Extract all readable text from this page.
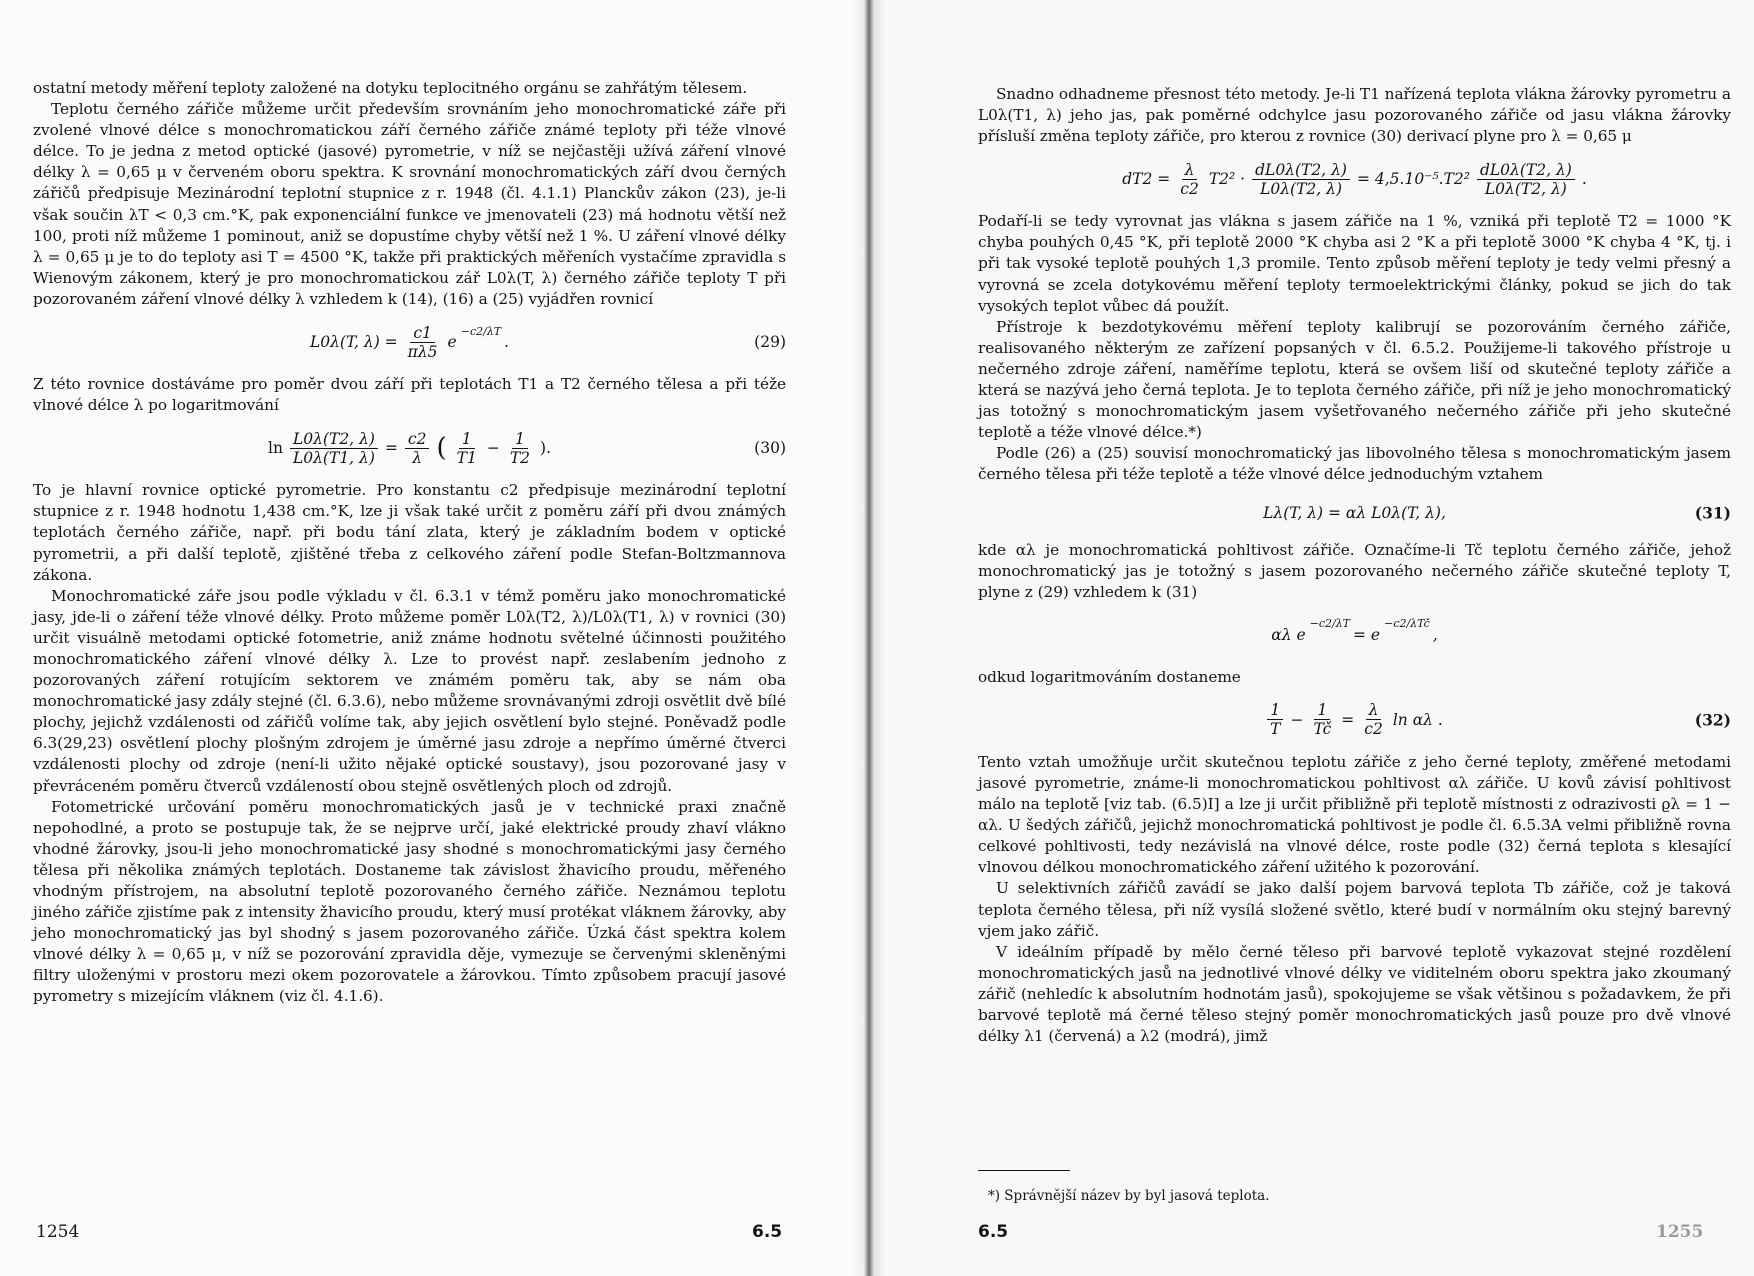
ostatní metody měření teploty založené na dotyku teplocitného orgánu se zahřátým tělesem.

Teplotu černého zářiče můžeme určit především srovnáním jeho monochromatické záře při zvolené vlnové délce s monochromatickou září černého zářiče známé teploty při téže vlnové délce. To je jedna z metod optické (jasové) pyrometrie, v níž se nejčastěji užívá záření vlnové délky λ = 0,65 μ v červeném oboru spektra. K srovnání monochromatických září dvou černých zářičů předpisuje Mezinárodní teplotní stupnice z r. 1948 (čl. 4.1.1) Planckův zákon (23), je-li však součin λT < 0,3 cm.°K, pak exponenciální funkce ve jmenovateli (23) má hodnotu větší než 100, proti níž můžeme 1 pominout, aniž se dopustíme chyby větší než 1 %. U záření vlnové délky λ = 0,65 μ je to do teploty asi T = 4500 °K, takže při praktických měřeních vystačíme zpravidla s Wienovým zákonem, který je pro monochromatickou zář L0λ(T, λ) černého zářiče teploty T při pozorovaném záření vlnové délky λ vzhledem k (14), (16) a (25) vyjádřen rovnicí

L0λ(T, $\lambda) = \frac{c1}{\pi\lambda 5}$ e
−c2/λT
.	(29)

Z této rovnice dostáváme pro poměr dvou září při teplotách T1 a T2 černého tělesa a při téže vlnové délce λ po logaritmování

$\ln \frac{L0\lambda(T2, \lambda)}{L0\lambda(T1, \lambda)} = \frac{c2}{\lambda}$ ( $\frac{1}{T1} - \frac{1}{T2}$ ).	(30)

To je hlavní rovnice optické pyrometrie. Pro konstantu c2 předpisuje mezinárodní teplotní stupnice z r. 1948 hodnotu 1,438 cm.°K, lze ji však také určit z poměru září při dvou známých teplotách černého zářiče, např. při bodu tání zlata, který je základním bodem v optické pyrometrii, a při další teplotě, zjištěné třeba z celkového záření podle Stefan-Boltzmannova zákona.

Monochromatické záře jsou podle výkladu v čl. 6.3.1 v témž poměru jako monochromatické jasy, jde-li o záření téže vlnové délky. Proto můžeme poměr L0λ(T2, λ)/L0λ(T1, λ) v rovnici (30) určit visuálně metodami optické fotometrie, aniž známe hodnotu světelné účinnosti použitého monochromatického záření vlnové délky λ. Lze to provést např. zeslabením jednoho z pozorovaných záření rotujícím sektorem ve známém poměru tak, aby se nám oba monochromatické jasy zdály stejné (čl. 6.3.6), nebo můžeme srovnávanými zdroji osvětlit dvě bílé plochy, jejichž vzdálenosti od zářičů volíme tak, aby jejich osvětlení bylo stejné. Poněvadž podle 6.3(29,23) osvětlení plochy plošným zdrojem je úměrné jasu zdroje a nepřímo úměrné čtverci vzdálenosti plochy od zdroje (není-li užito nějaké optické soustavy), jsou pozorované jasy v převráceném poměru čtverců vzdáleností obou stejně osvětlených ploch od zdrojů.

Fotometrické určování poměru monochromatických jasů je v technické praxi značně nepohodlné, a proto se postupuje tak, že se nejprve určí, jaké elektrické proudy zhaví vlákno vhodné žárovky, jsou-li jeho monochromatické jasy shodné s monochromatickými jasy černého tělesa při několika známých teplotách. Dostaneme tak závislost žhavicího proudu, měřeného vhodným přístrojem, na absolutní teplotě pozorovaného černého zářiče. Neznámou teplotu jiného zářiče zjistíme pak z intensity žhavicího proudu, který musí protékat vláknem žárovky, aby jeho monochromatický jas byl shodný s jasem pozorovaného zářiče. Úzká část spektra kolem vlnové délky λ = 0,65 μ, v níž se pozorování zpravidla děje, vymezuje se červenými skleněnými filtry uloženými v prostoru mezi okem pozorovatele a žárovkou. Tímto způsobem pracují jasové pyrometry s mizejícím vláknem (viz čl. 4.1.6).

1254	6.5

Snadno odhadneme přesnost této metody. Je-li T1 nařízená teplota vlákna žárovky pyrometru a L0λ(T1, λ) jeho jas, pak poměrné odchylce jasu pozorovaného zářiče od jasu vlákna žárovky přísluší změna teploty zářiče, pro kterou z rovnice (30) derivací plyne pro λ = 0,65 μ

$dT2 = \frac{\lambda}{c2} T2^2 \cdot \frac{dL0\lambda(T2, \lambda)}{L0\lambda(T2, \lambda)} = 4,5.10^{-5}.T2^2 \frac{dL0\lambda(T2, \lambda)}{L0\lambda(T2, \lambda)}$ .

Podaří-li se tedy vyrovnat jas vlákna s jasem zářiče na 1 %, vzniká při teplotě T2 = 1000 °K chyba pouhých 0,45 °K, při teplotě 2000 °K chyba asi 2 °K a při teplotě 3000 °K chyba 4 °K, tj. i při tak vysoké teplotě pouhých 1,3 promile. Tento způsob měření teploty je tedy velmi přesný a vyrovná se zcela dotykovému měření teploty termoelektrickými články, pokud se jich do tak vysokých teplot vůbec dá použít.

Přístroje k bezdotykovému měření teploty kalibrují se pozorováním černého zářiče, realisovaného některým ze zařízení popsaných v čl. 6.5.2. Použijeme-li takového přístroje u nečerného zdroje záření, naměříme teplotu, která se ovšem liší od skutečné teploty zářiče a která se nazývá jeho černá teplota. Je to teplota černého zářiče, při níž je jeho monochromatický jas totožný s monochromatickým jasem vyšetřovaného nečerného zářiče při jeho skutečné teplotě a téže vlnové délce.*)

Podle (26) a (25) souvisí monochromatický jas libovolného tělesa s monochromatickým jasem černého tělesa při téže teplotě a téže vlnové délce jednoduchým vztahem

Lλ(T, λ) = αλ L0λ(T, λ),	(31)

kde αλ je monochromatická pohltivost zářiče. Označíme-li Tč teplotu černého zářiče, jehož monochromatický jas je totožný s jasem pozorovaného nečerného zářiče skutečné teploty T, plyne z (29) vzhledem k (31)

αλ e
−c2/λT
= e
−c2/λTč
,

odkud logaritmováním dostaneme

$\frac{1}{T} - \frac{1}{Tč} = \frac{\lambda}{c2}$ ln αλ .	(32)

Tento vztah umožňuje určit skutečnou teplotu zářiče z jeho černé teploty, změřené metodami jasové pyrometrie, známe-li monochromatickou pohltivost αλ zářiče. U kovů závisí pohltivost málo na teplotě [viz tab. (6.5)I] a lze ji určit přibližně při teplotě místnosti z odrazivosti ϱλ = 1 − αλ. U šedých zářičů, jejichž monochromatická pohltivost je podle čl. 6.5.3A velmi přibližně rovna celkové pohltivosti, tedy nezávislá na vlnové délce, roste podle (32) černá teplota s klesající vlnovou délkou monochromatického záření užitého k pozorování.

U selektivních zářičů zavádí se jako další pojem barvová teplota Tb zářiče, což je taková teplota černého tělesa, při níž vysílá složené světlo, které budí v normálním oku stejný barevný vjem jako zářič.

V ideálním případě by mělo černé těleso při barvové teplotě vykazovat stejné rozdělení monochromatických jasů na jednotlivé vlnové délky ve viditelném oboru spektra jako zkoumaný zářič (nehledíc k absolutním hodnotám jasů), spokojujeme se však většinou s požadavkem, že při barvové teplotě má černé těleso stejný poměr monochromatických jasů pouze pro dvě vlnové délky λ1 (červená) a λ2 (modrá), jimž

*) Správnější název by byl jasová teplota.
6.5	1255
